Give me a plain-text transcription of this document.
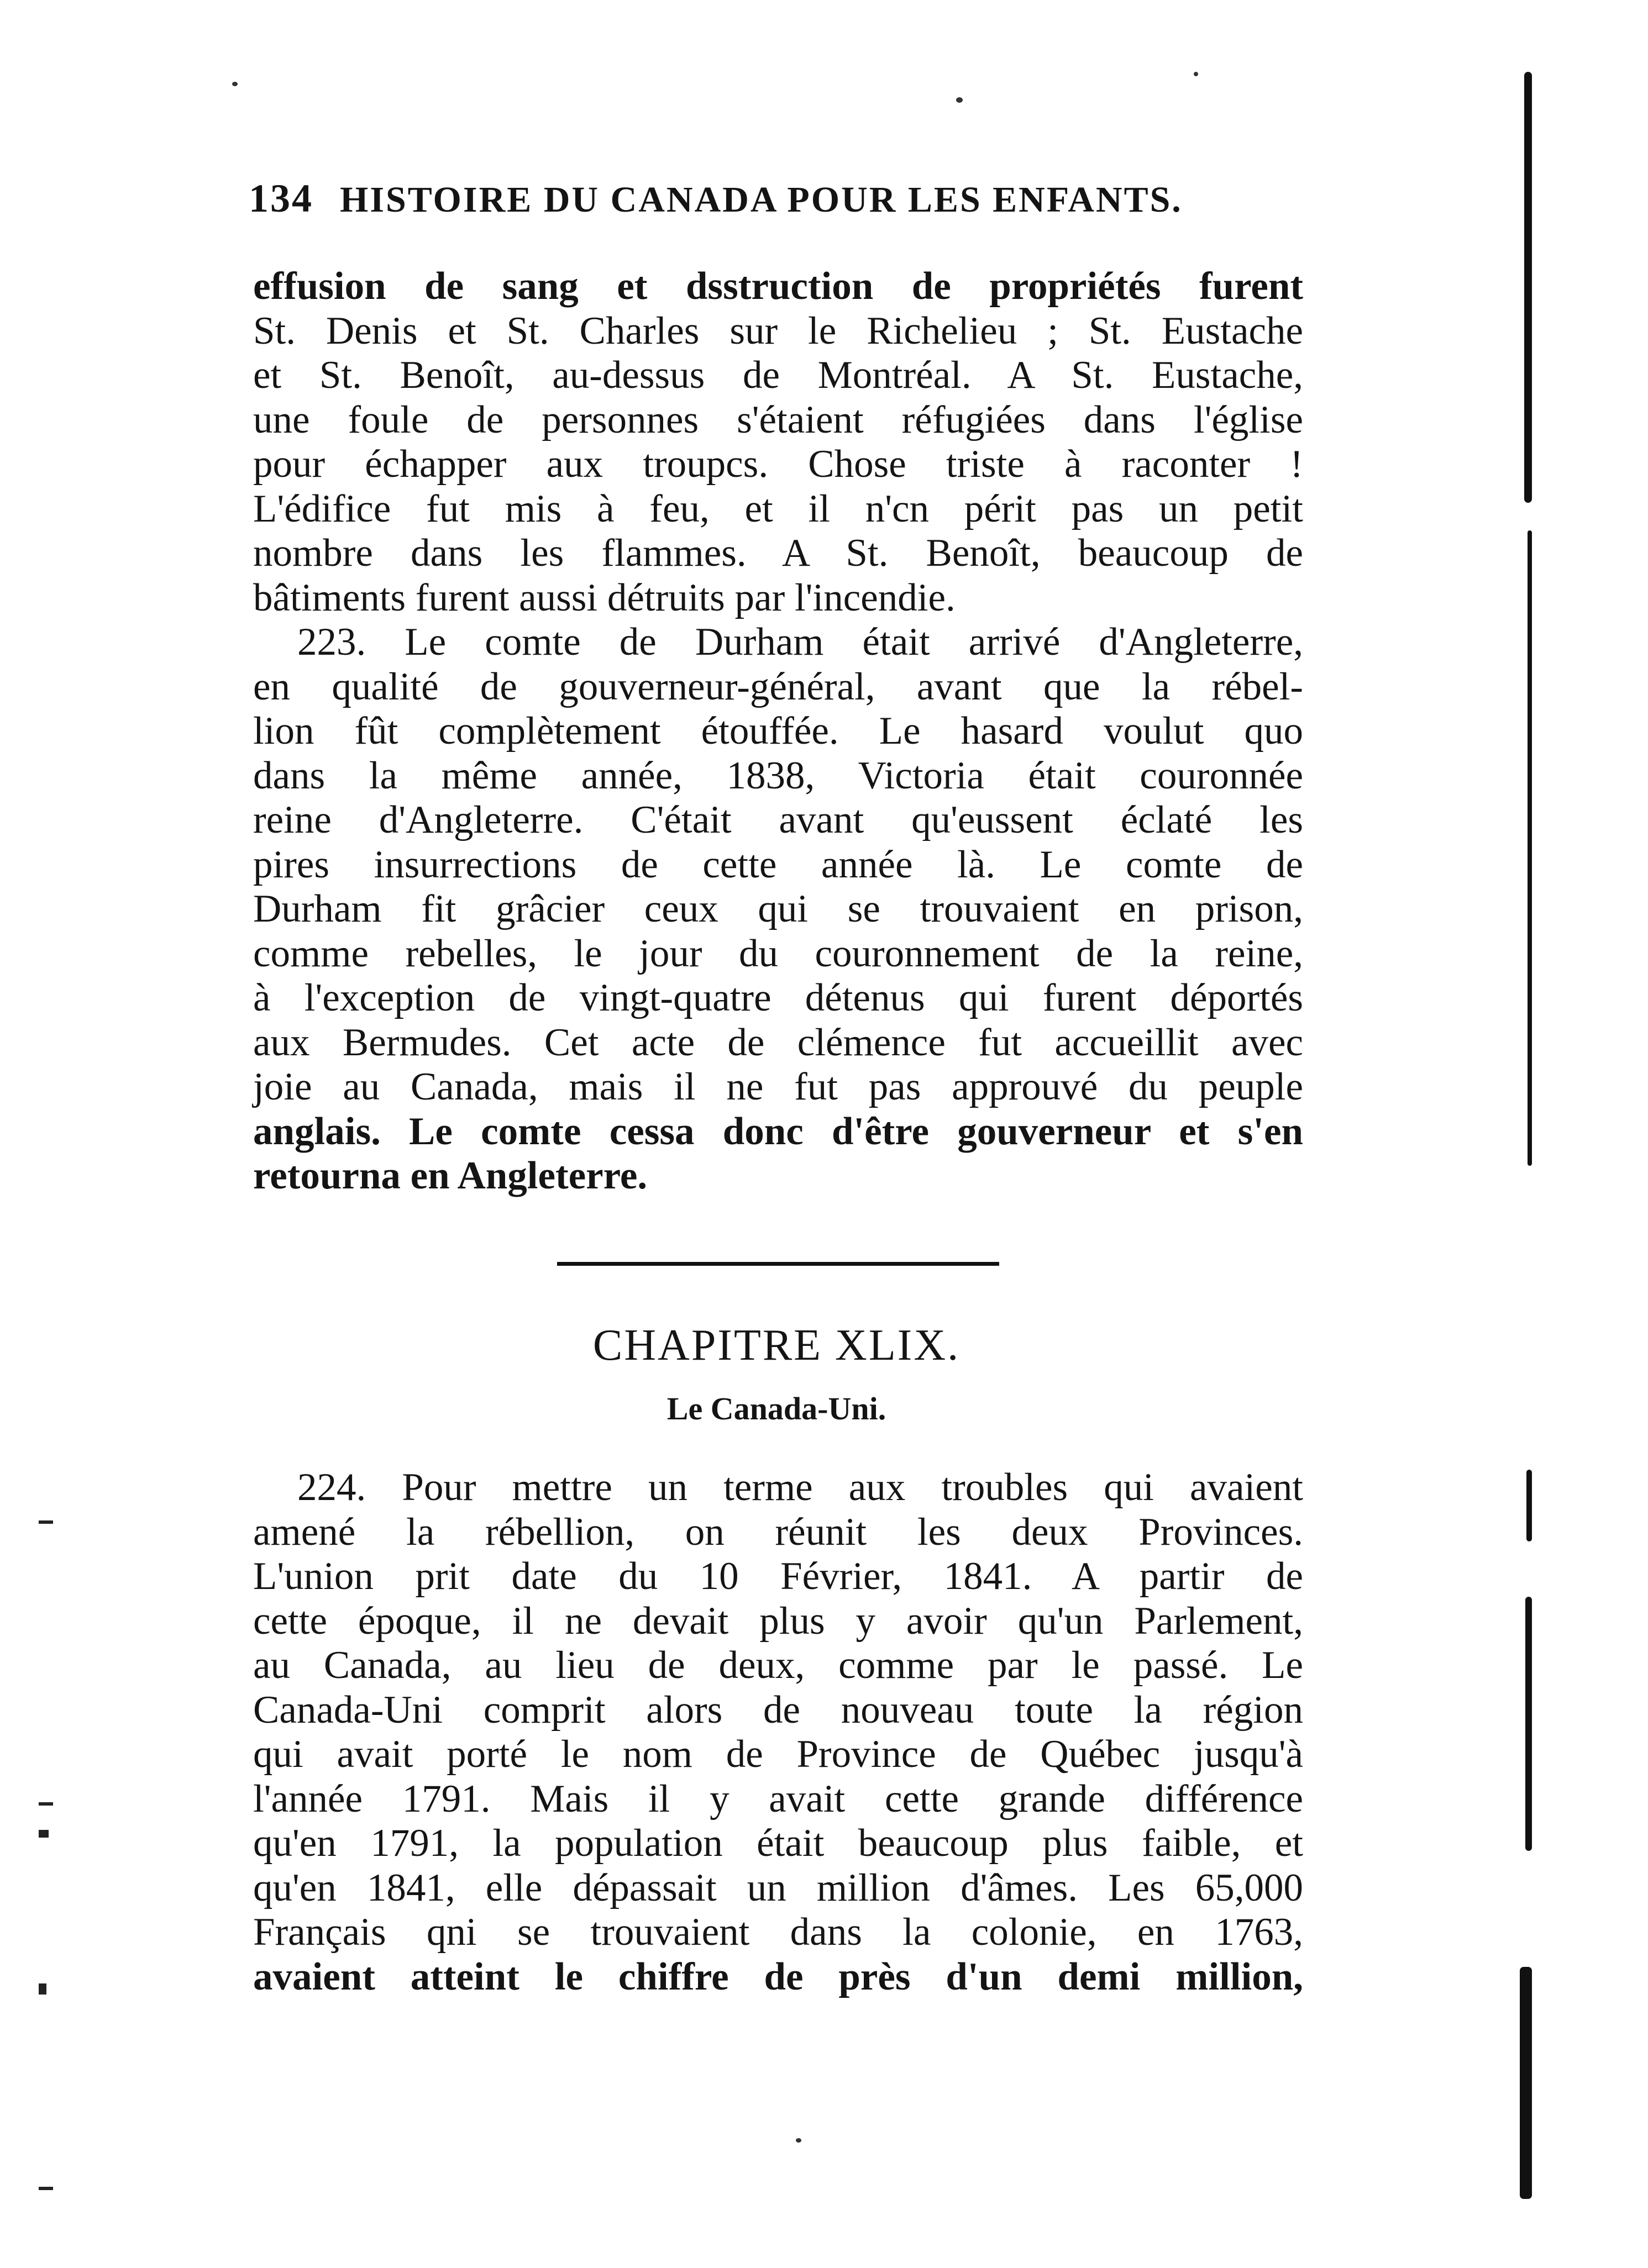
134 HISTOIRE DU CANADA POUR LES ENFANTS.
effusion de sang et dsstruction de propriétés furent
St. Denis et St. Charles sur le Richelieu ; St. Eustache
et St. Benoît, au-dessus de Montréal. A St. Eustache,
une foule de personnes s'étaient réfugiées dans l'église
pour échapper aux troupcs. Chose triste à raconter !
L'édifice fut mis à feu, et il n'cn périt pas un petit
nombre dans les flammes. A St. Benoît, beaucoup de
bâtiments furent aussi détruits par l'incendie.
223. Le comte de Durham était arrivé d'Angleterre,
en qualité de gouverneur-général, avant que la rébel-
lion fût complètement étouffée. Le hasard voulut quo
dans la même année, 1838, Victoria était couronnée
reine d'Angleterre. C'était avant qu'eussent éclaté les
pires insurrections de cette année là. Le comte de
Durham fit grâcier ceux qui se trouvaient en prison,
comme rebelles, le jour du couronnement de la reine,
à l'exception de vingt-quatre détenus qui furent déportés
aux Bermudes. Cet acte de clémence fut accueillit avec
joie au Canada, mais il ne fut pas approuvé du peuple
anglais. Le comte cessa donc d'être gouverneur et s'en
retourna en Angleterre.
CHAPITRE XLIX.
Le Canada-Uni.
224. Pour mettre un terme aux troubles qui avaient
amené la rébellion, on réunit les deux Provinces.
L'union prit date du 10 Février, 1841. A partir de
cette époque, il ne devait plus y avoir qu'un Parlement,
au Canada, au lieu de deux, comme par le passé. Le
Canada-Uni comprit alors de nouveau toute la région
qui avait porté le nom de Province de Québec jusqu'à
l'année 1791. Mais il y avait cette grande différence
qu'en 1791, la population était beaucoup plus faible, et
qu'en 1841, elle dépassait un million d'âmes. Les 65,000
Français qni se trouvaient dans la colonie, en 1763,
avaient atteint le chiffre de près d'un demi million,
